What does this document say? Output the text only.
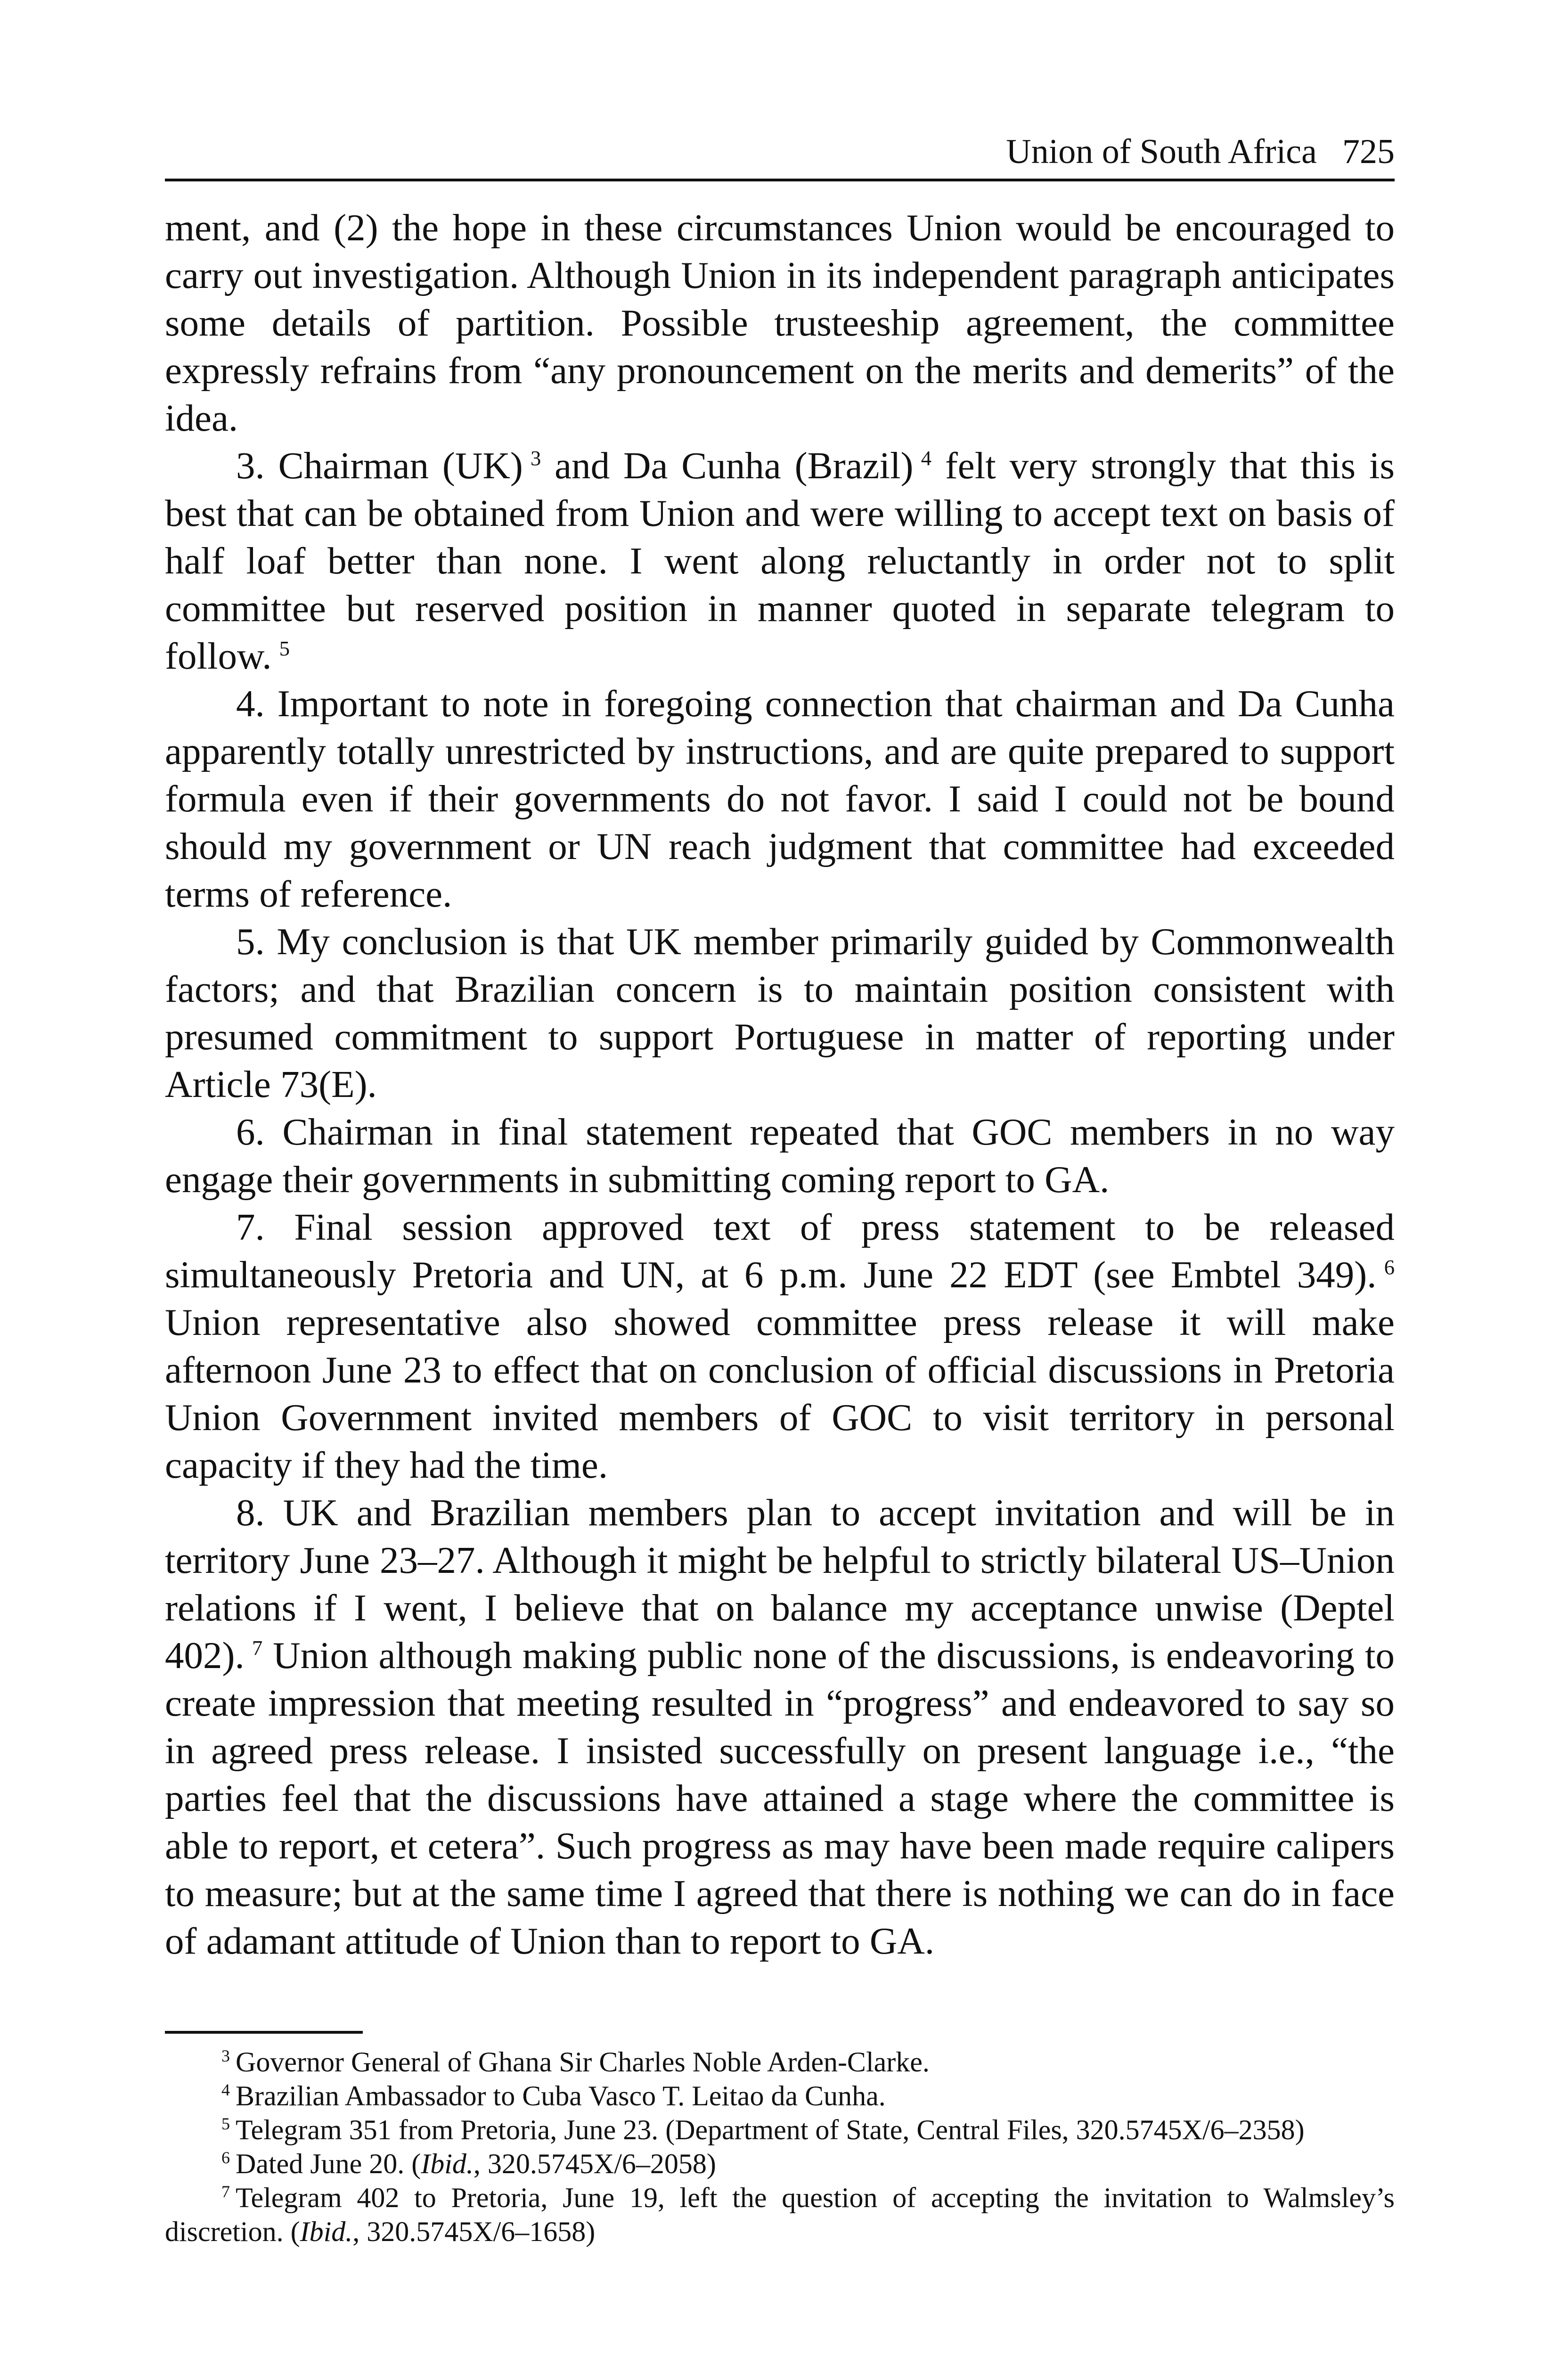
Union of South Africa 725

ment, and (2) the hope in these circumstances Union would be encouraged to carry out investigation. Although Union in its independent paragraph anticipates some details of partition. Possible trusteeship agreement, the committee expressly refrains from “any pronouncement on the merits and demerits” of the idea.

3. Chairman (UK)  $^3$ and Da Cunha (Brazil)  $^4$ felt very strongly that this is best that can be obtained from Union and were willing to accept text on basis of half loaf better than none. I went along reluctantly in order not to split committee but reserved position in manner quoted in separate telegram to follow.  $^5$

4. Important to note in foregoing connection that chairman and Da Cunha apparently totally unrestricted by instructions, and are quite prepared to support formula even if their governments do not favor. I said I could not be bound should my government or UN reach judgment that committee had exceeded terms of reference.

5. My conclusion is that UK member primarily guided by Commonwealth factors; and that Brazilian concern is to maintain position consistent with presumed commitment to support Portuguese in matter of reporting under Article 73(E).

6. Chairman in final statement repeated that GOC members in no way engage their governments in submitting coming report to GA.

7. Final session approved text of press statement to be released simultaneously Pretoria and UN, at 6 p.m. June 22 EDT (see Embtel 349).  $^6$ Union representative also showed committee press release it will make afternoon June 23 to effect that on conclusion of official discussions in Pretoria Union Government invited members of GOC to visit territory in personal capacity if they had the time.

8. UK and Brazilian members plan to accept invitation and will be in territory June 23–27. Although it might be helpful to strictly bilateral US–Union relations if I went, I believe that on balance my acceptance unwise (Deptel 402).  $^7$ Union although making public none of the discussions, is endeavoring to create impression that meeting resulted in “progress” and endeavored to say so in agreed press release. I insisted successfully on present language i.e., “the parties feel that the discussions have attained a stage where the committee is able to report, et cetera”. Such progress as may have been made require calipers to measure; but at the same time I agreed that there is nothing we can do in face of adamant attitude of Union than to report to GA.

$^3$  Governor General of Ghana Sir Charles Noble Arden-Clarke.

$^4$  Brazilian Ambassador to Cuba Vasco T. Leitao da Cunha.

$^5$  Telegram 351 from Pretoria, June 23. (Department of State, Central Files, 320.5745X/6–2358)

$^6$  Dated June 20. (Ibid., 320.5745X/6–2058)

$^7$  Telegram 402 to Pretoria, June 19, left the question of accepting the invitation to Walmsley’s discretion. (Ibid., 320.5745X/6–1658)
